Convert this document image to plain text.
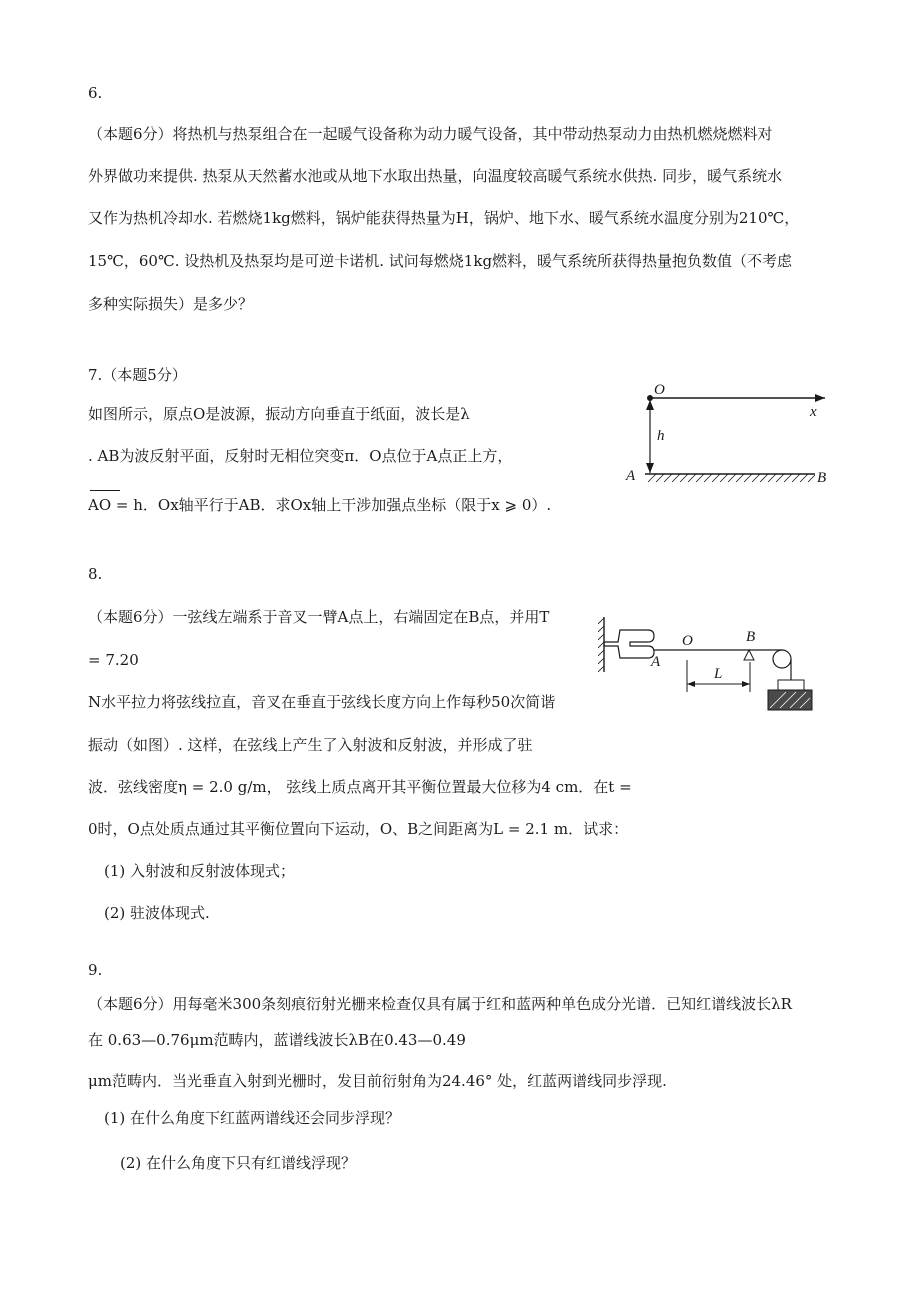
6.
（本题6分）将热机与热泵组合在一起暖气设备称为动力暖气设备，其中带动热泵动力由热机燃烧燃料对
外界做功来提供. 热泵从天然蓄水池或从地下水取出热量，向温度较高暖气系统水供热. 同步，暖气系统水
又作为热机冷却水. 若燃烧1kg燃料，锅炉能获得热量为H，锅炉、地下水、暖气系统水温度分别为210℃，
15℃，60℃. 设热机及热泵均是可逆卡诺机. 试问每燃烧1kg燃料，暖气系统所获得热量抱负数值（不考虑
多种实际损失）是多少？
7.（本题5分）
如图所示，原点O是波源，振动方向垂直于纸面，波长是λ
. AB为波反射平面，反射时无相位突变π．O点位于A点正上方，
AO = h．Ox轴平行于AB．求Ox轴上干涉加强点坐标（限于x ⩾ 0）.
O
x
h
A	B
8.
（本题6分）一弦线左端系于音叉一臂A点上，右端固定在B点，并用T
= 7.20
N水平拉力将弦线拉直，音叉在垂直于弦线长度方向上作每秒50次简谐
振动（如图）. 这样，在弦线上产生了入射波和反射波，并形成了驻
波．弦线密度η = 2.0 g/m， 弦线上质点离开其平衡位置最大位移为4 cm．在t =
0时，O点处质点通过其平衡位置向下运动，O、B之间距离为L = 2.1 m．试求：
(1) 入射波和反射波体现式；
(2) 驻波体现式.
O	B
A
L
9.
（本题6分）用每毫米300条刻痕衍射光栅来检查仅具有属于红和蓝两种单色成分光谱．已知红谱线波长λR
在 0.63—0.76μm范畴内，蓝谱线波长λB在0.43—0.49
μm范畴内．当光垂直入射到光栅时，发目前衍射角为24.46° 处，红蓝两谱线同步浮现.
(1) 在什么角度下红蓝两谱线还会同步浮现？
(2) 在什么角度下只有红谱线浮现？
